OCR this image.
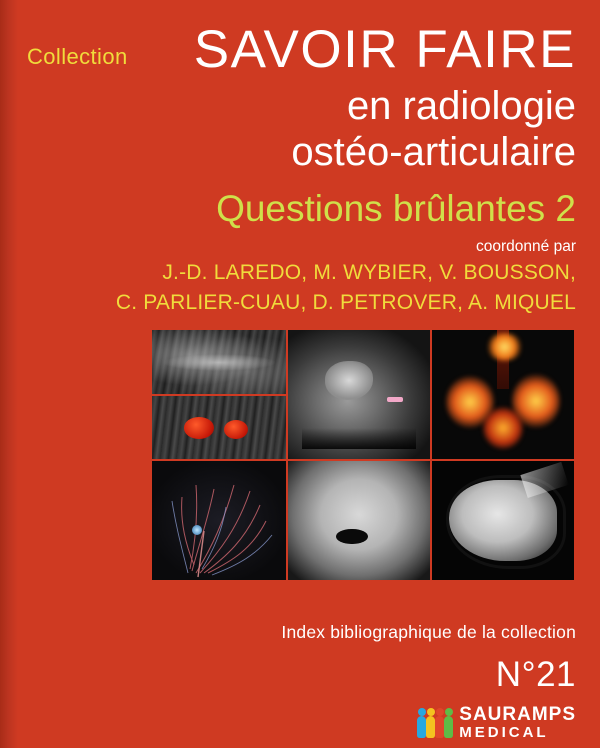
Collection	SAVOIR FAIRE
en radiologie
ostéo-articulaire
Questions brûlantes 2
coordonné par
J.-D. LAREDO, M. WYBIER, V. BOUSSON,
C. PARLIER-CUAU, D. PETROVER, A. MIQUEL
Index bibliographique de la collection
N°21
SAURAMPS
MEDICAL
